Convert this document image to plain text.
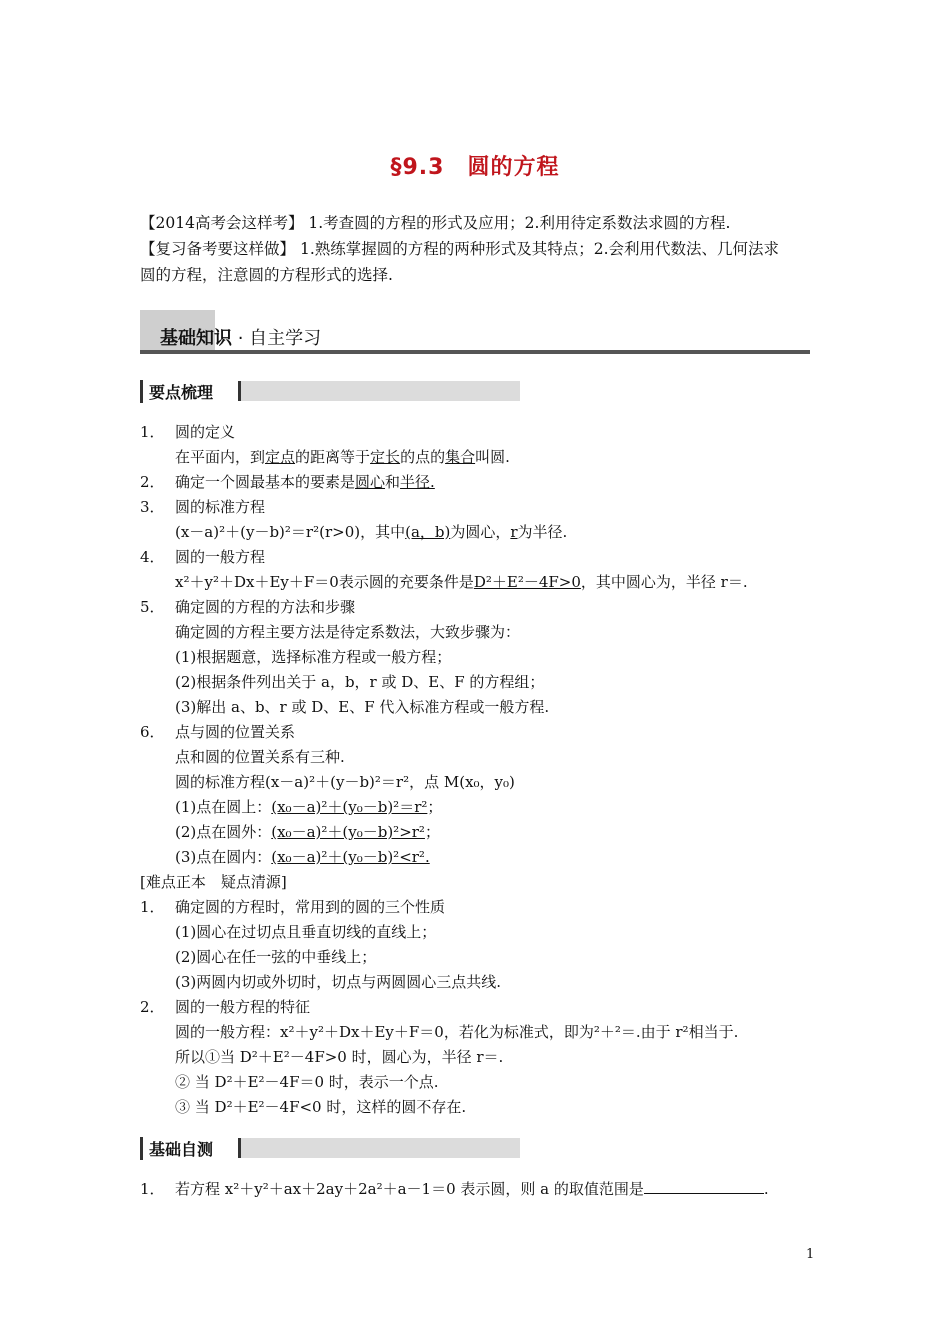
§9.3　圆的方程
【2014高考会这样考】 1.考查圆的方程的形式及应用；2.利用待定系数法求圆的方程.
【复习备考要这样做】 1.熟练掌握圆的方程的两种形式及其特点；2.会利用代数法、几何法求
圆的方程，注意圆的方程形式的选择.
基础知识 · 自主学习
要点梳理
1． 圆的定义
在平面内，到定点的距离等于定长的点的集合叫圆.
2． 确定一个圆最基本的要素是圆心和半径.
3． 圆的标准方程
(x－a)²＋(y－b)²＝r²(r>0)，其中(a，b)为圆心，r为半径.
4． 圆的一般方程
x²＋y²＋Dx＋Ey＋F＝0表示圆的充要条件是D²＋E²－4F>0，其中圆心为，半径 r＝.
5． 确定圆的方程的方法和步骤
确定圆的方程主要方法是待定系数法，大致步骤为：
(1)根据题意，选择标准方程或一般方程；
(2)根据条件列出关于 a，b，r 或 D、E、F 的方程组；
(3)解出 a、b、r 或 D、E、F 代入标准方程或一般方程.
6． 点与圆的位置关系
点和圆的位置关系有三种.
圆的标准方程(x－a)²＋(y－b)²＝r²，点 M(x₀，y₀)
(1)点在圆上：(x₀－a)²＋(y₀－b)²＝r²；
(2)点在圆外：(x₀－a)²＋(y₀－b)²>r²；
(3)点在圆内：(x₀－a)²＋(y₀－b)²<r².
[难点正本　疑点清源]
1． 确定圆的方程时，常用到的圆的三个性质
(1)圆心在过切点且垂直切线的直线上；
(2)圆心在任一弦的中垂线上；
(3)两圆内切或外切时，切点与两圆圆心三点共线.
2． 圆的一般方程的特征
圆的一般方程：x²＋y²＋Dx＋Ey＋F＝0，若化为标准式，即为²＋²＝.由于 r²相当于.
所以①当 D²＋E²－4F>0 时，圆心为，半径 r＝.
② 当 D²＋E²－4F＝0 时，表示一个点.
③ 当 D²＋E²－4F<0 时，这样的圆不存在.
基础自测
1． 若方程 x²＋y²＋ax＋2ay＋2a²＋a－1＝0 表示圆，则 a 的取值范围是	.
1
